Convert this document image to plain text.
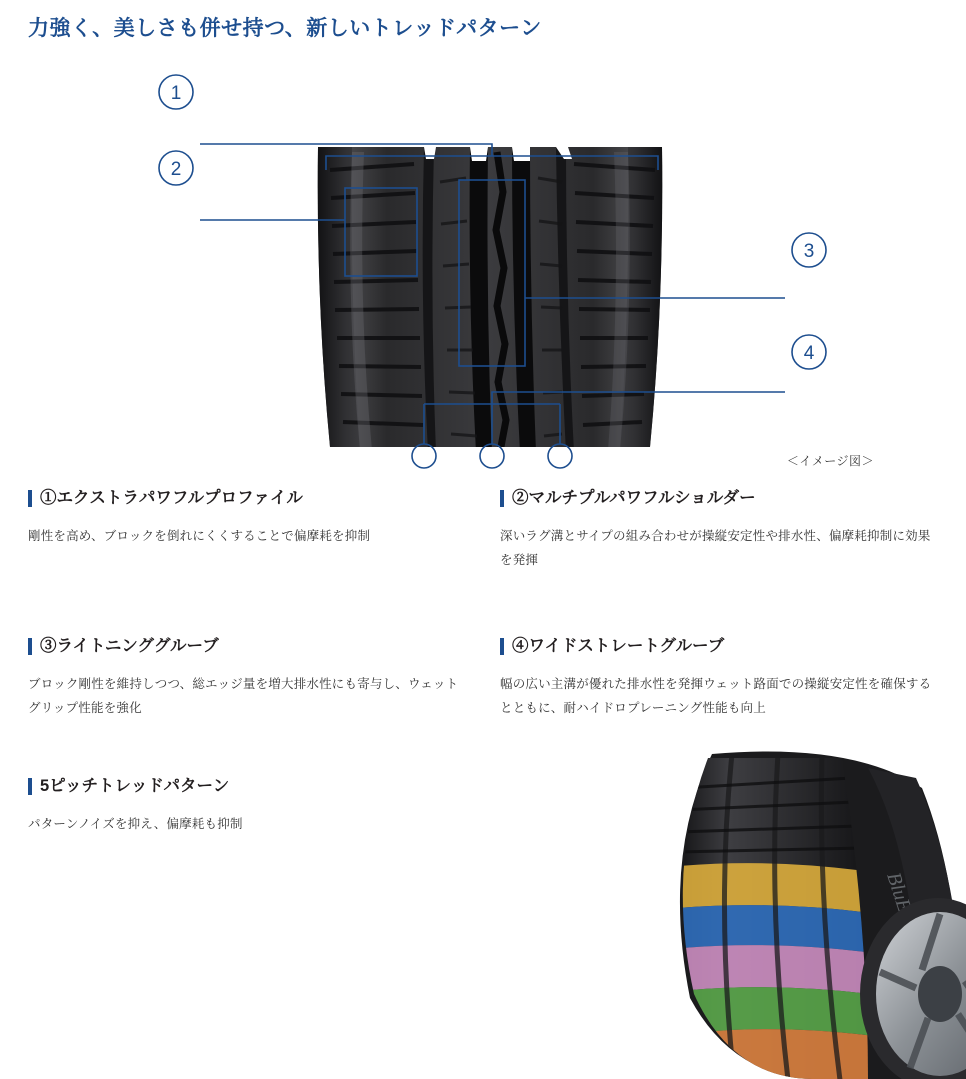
力強く、美しさも併せ持つ、新しいトレッドパターン
1
2
3
4
＜イメージ図＞
①エクストラパワフルプロファイル
剛性を高め、ブロックを倒れにくくすることで偏摩耗を抑制
②マルチプルパワフルショルダー
深いラグ溝とサイプの組み合わせが操縦安定性や排水性、偏摩耗抑制に効果を発揮
③ライトニンググルーブ
ブロック剛性を維持しつつ、総エッジ量を増大排水性にも寄与し、ウェットグリップ性能を強化
④ワイドストレートグルーブ
幅の広い主溝が優れた排水性を発揮ウェット路面での操縦安定性を確保するとともに、耐ハイドロプレーニング性能も向上
5ピッチトレッドパターン
パターンノイズを抑え、偏摩耗も抑制
